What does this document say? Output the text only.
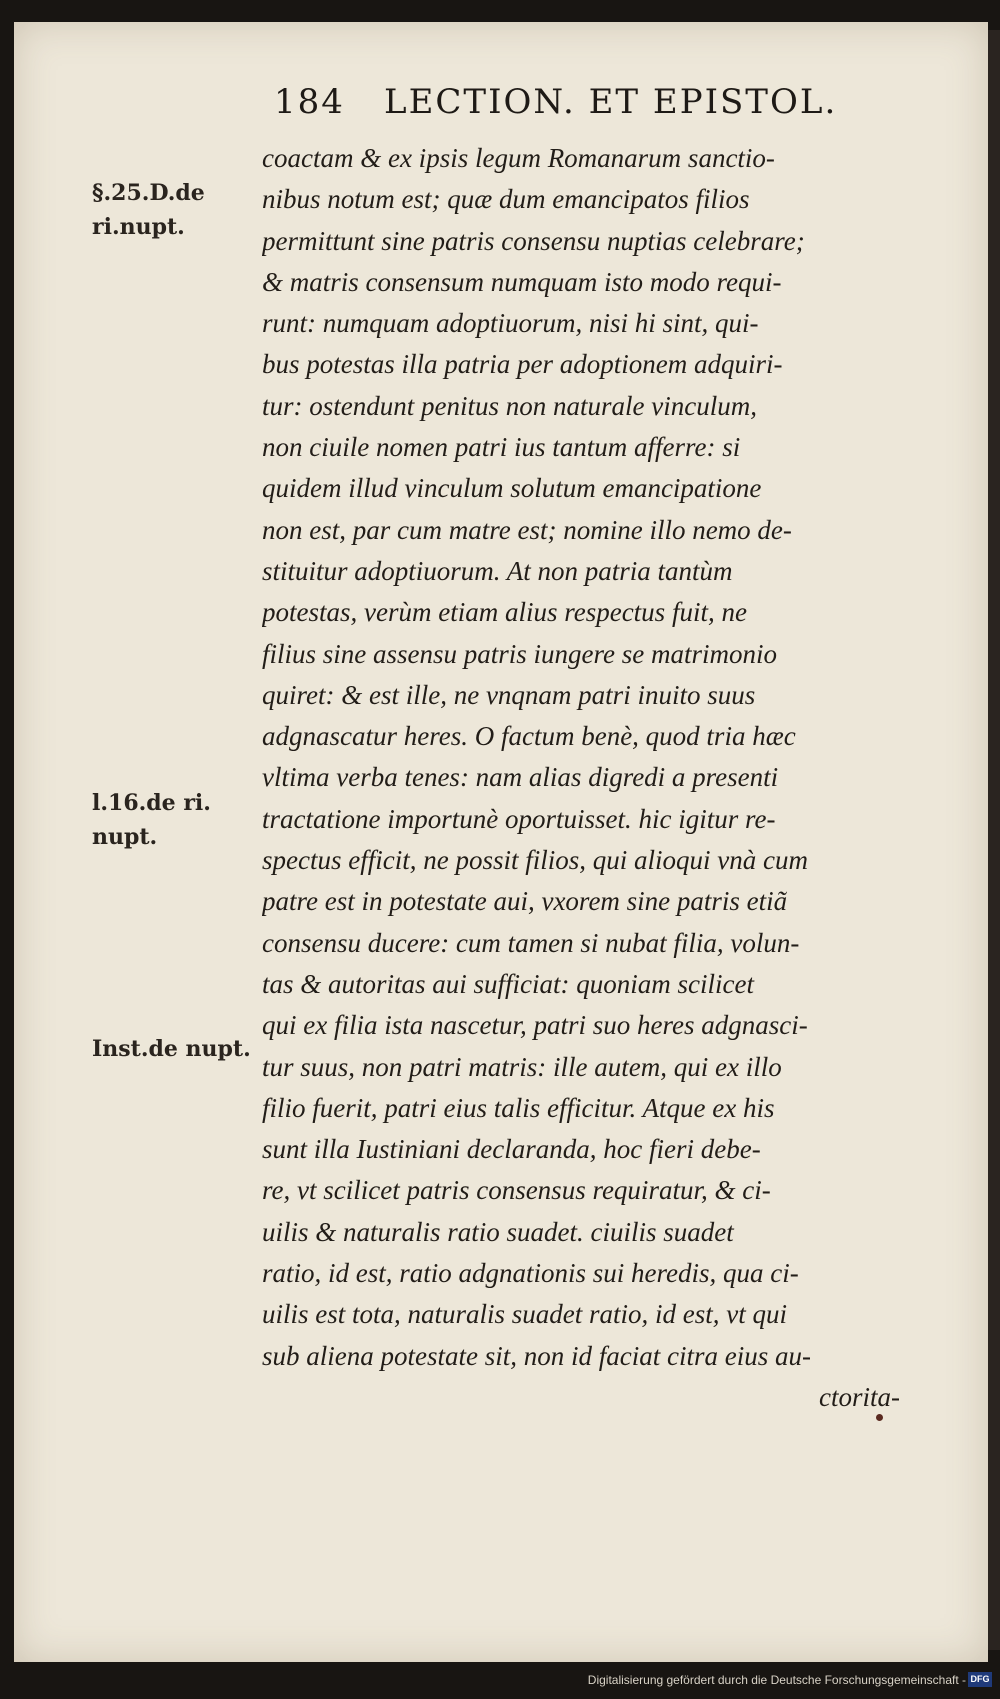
184 LECTION. ET EPISTOL.
§.25.D.de
ri.nupt.
l.16.de ri.
nupt.
Inst.de nupt.
coactam & ex ipsis legum Romanarum sanctio-
nibus notum est; quæ dum emancipatos filios
permittunt sine patris consensu nuptias celebrare;
& matris consensum numquam isto modo requi-
runt: numquam adoptiuorum, nisi hi sint, qui-
bus potestas illa patria per adoptionem adquiri-
tur: ostendunt penitus non naturale vinculum,
non ciuile nomen patri ius tantum afferre: si
quidem illud vinculum solutum emancipatione
non est, par cum matre est; nomine illo nemo de-
stituitur adoptiuorum. At non patria tantùm
potestas, verùm etiam alius respectus fuit, ne
filius sine assensu patris iungere se matrimonio
quiret: & est ille, ne vnqnam patri inuito suus
adgnascatur heres. O factum benè, quod tria hæc
vltima verba tenes: nam alias digredi a presenti
tractatione importunè oportuisset. hic igitur re-
spectus efficit, ne possit filios, qui alioqui vnà cum
patre est in potestate aui, vxorem sine patris etiã
consensu ducere: cum tamen si nubat filia, volun-
tas & autoritas aui sufficiat: quoniam scilicet
qui ex filia ista nascetur, patri suo heres adgnasci-
tur suus, non patri matris: ille autem, qui ex illo
filio fuerit, patri eius talis efficitur. Atque ex his
sunt illa Iustiniani declaranda, hoc fieri debe-
re, vt scilicet patris consensus requiratur, & ci-
uilis & naturalis ratio suadet. ciuilis suadet
ratio, id est, ratio adgnationis sui heredis, qua ci-
uilis est tota, naturalis suadet ratio, id est, vt qui
sub aliena potestate sit, non id faciat citra eius au-
ctorita-
Digitalisierung gefördert durch die Deutsche Forschungsgemeinschaft - DFG
